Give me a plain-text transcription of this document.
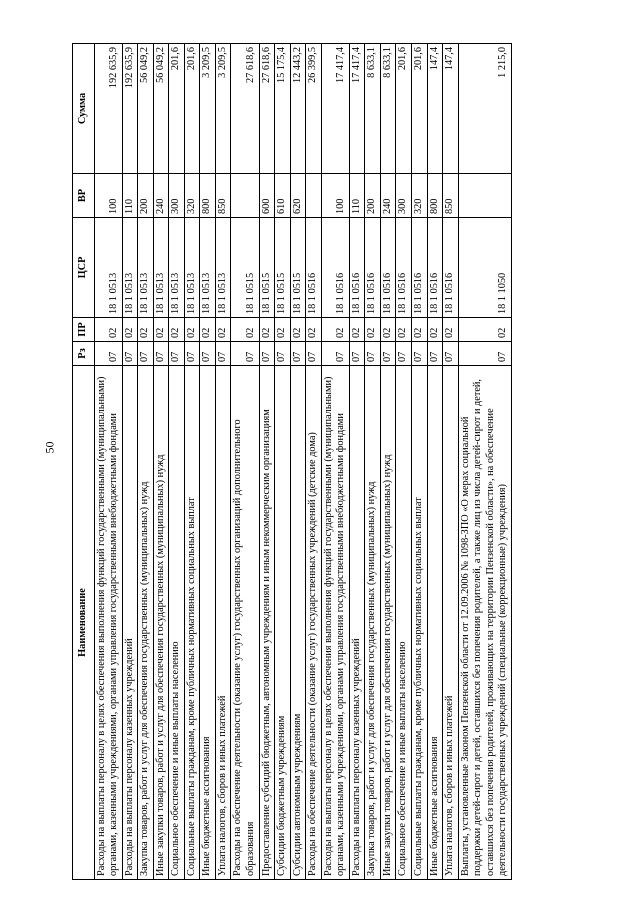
50
Наименование	Рз	ПР	ЦСР	ВР	Сумма
Расходы на выплаты персоналу в целях обеспечения выполнения функций государственными (муниципальными) органами, казенными учреждениями, органами управления государственными внебюджетными фондами	07	02	18 1 0513	100	192 635,9
Расходы на выплаты персоналу казенных учреждений	07	02	18 1 0513	110	192 635,9
Закупка товаров, работ и услуг для обеспечения государственных (муниципальных) нужд	07	02	18 1 0513	200	56 049,2
Иные закупки товаров, работ и услуг для обеспечения государственных (муниципальных) нужд	07	02	18 1 0513	240	56 049,2
Социальное обеспечение и иные выплаты населению	07	02	18 1 0513	300	201,6
Социальные выплаты гражданам, кроме публичных нормативных социальных выплат	07	02	18 1 0513	320	201,6
Иные бюджетные ассигнования	07	02	18 1 0513	800	3 209,5
Уплата налогов, сборов и иных платежей	07	02	18 1 0513	850	3 209,5
Расходы на обеспечение деятельности (оказание услуг) государственных организаций дополнительного образования	07	02	18 1 0515		27 618,6
Предоставление субсидий бюджетным, автономным учреждениям и иным некоммерческим организациям	07	02	18 1 0515	600	27 618,6
Субсидии бюджетным учреждениям	07	02	18 1 0515	610	15 175,4
Субсидии автономным учреждениям	07	02	18 1 0515	620	12 443,2
Расходы на обеспечение деятельности (оказание услуг) государственных учреждений (детские дома)	07	02	18 1 0516		26 399,5
Расходы на выплаты персоналу в целях обеспечения выполнения функций государственными (муниципальными) органами, казенными учреждениями, органами управления государственными внебюджетными фондами	07	02	18 1 0516	100	17 417,4
Расходы на выплаты персоналу казенных учреждений	07	02	18 1 0516	110	17 417,4
Закупка товаров, работ и услуг для обеспечения государственных (муниципальных) нужд	07	02	18 1 0516	200	8 633,1
Иные закупки товаров, работ и услуг для обеспечения государственных (муниципальных) нужд	07	02	18 1 0516	240	8 633,1
Социальное обеспечение и иные выплаты населению	07	02	18 1 0516	300	201,6
Социальные выплаты гражданам, кроме публичных нормативных социальных выплат	07	02	18 1 0516	320	201,6
Иные бюджетные ассигнования	07	02	18 1 0516	800	147,4
Уплата налогов, сборов и иных платежей	07	02	18 1 0516	850	147,4
Выплаты, установленные Законом Пензенской области от 12.09.2006 № 1098-ЗПО «О мерах социальной поддержки детей-сирот и детей, оставшихся без попечения родителей, а также лиц из числа детей-сирот и детей, оставшихся без попечения родителей, проживающих на территории Пензенской области», на обеспечение деятельности государственных учреждений (специальные (коррекционные) учреждения)	07	02	18 1 1050		1 215,0
